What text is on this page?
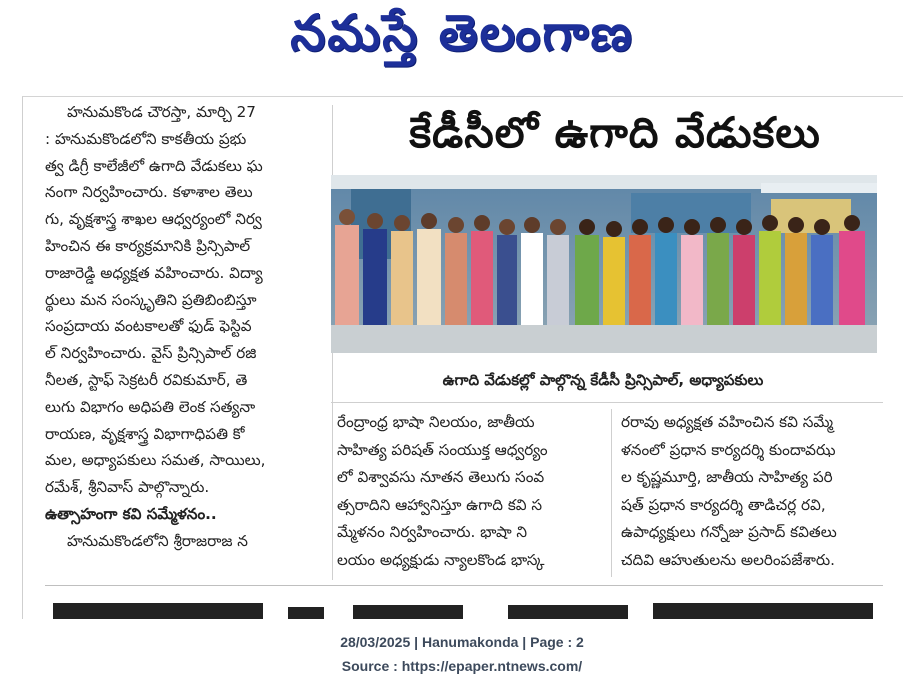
నమస్తే తెలంగాణ

హనుమకొండ చౌరస్తా, మార్చి 27

: హనుమకొండలోని కాకతీయ ప్రభు

త్వ డిగ్రీ కాలేజీలో ఉగాది వేడుకలు ఘ

నంగా నిర్వహించారు. కళాశాల తెలు

గు, వృక్షశాస్త్ర శాఖల ఆధ్వర్యంలో నిర్వ

హించిన ఈ కార్యక్రమానికి ప్రిన్సిపాల్

రాజారెడ్డి అధ్యక్షత వహించారు. విద్యా

ర్థులు మన సంస్కృతిని ప్రతిబింబిస్తూ

సంప్రదాయ వంటకాలతో ఫుడ్ ఫెస్టివ

ల్ నిర్వహించారు. వైస్ ప్రిన్సిపాల్ రజి

నీలత, స్టాఫ్ సెక్రటరీ రవికుమార్, తె

లుగు విభాగం అధిపతి లెంక సత్యనా

రాయణ, వృక్షశాస్త్ర విభాగాధిపతి కో

మల, అధ్యాపకులు సమత, సాయిలు,

రమేశ్, శ్రీనివాస్ పాల్గొన్నారు.

ఉత్సాహంగా కవి సమ్మేళనం..

హనుమకొండలోని శ్రీరాజరాజ న

కేడీసీలో ఉగాది వేడుకలు
ఉగాది వేడుకల్లో పాల్గొన్న కేడీసీ ప్రిన్సిపాల్, అధ్యాపకులు

రేంద్రాంధ్ర భాషా నిలయం, జాతీయ

సాహిత్య పరిషత్ సంయుక్త ఆధ్వర్యం

లో విశ్వావసు నూతన తెలుగు సంవ

త్సరాదిని ఆహ్వానిస్తూ ఉగాది కవి స

మ్మేళనం నిర్వహించారు. భాషా ని

లయం అధ్యక్షుడు న్యాలకొండ భాస్క

రరావు అధ్యక్షత వహించిన కవి సమ్మే

ళనంలో ప్రధాన కార్యదర్శి కుందావఝ

ల కృష్ణమూర్తి, జాతీయ సాహిత్య పరి

షత్ ప్రధాన కార్యదర్శి తాడిచర్ల రవి,

ఉపాధ్యక్షులు గన్నోజు ప్రసాద్ కవితలు

చదివి ఆహుతులను అలరింపజేశారు.

28/03/2025 | Hanumakonda | Page : 2
Source : https://epaper.ntnews.com/
